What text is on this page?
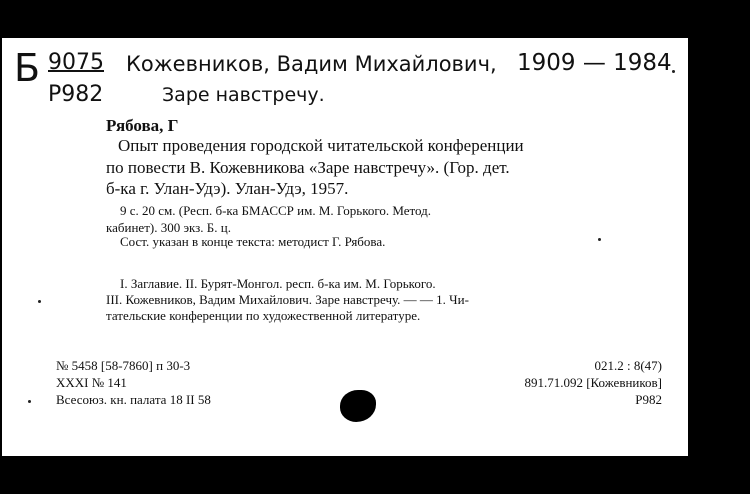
Б 9075 Кожевников, Вадим Михайлович, 1909 — 1984
Р982	Заре навстречу.
Рябова, Г
Опыт проведения городской читательской конференции
по повести В. Кожевникова «Заре навстречу». (Гор. дет.
б-ка г. Улан-Удэ). Улан-Удэ, 1957.
9 с. 20 см. (Респ. б-ка БМАССР им. М. Горького. Метод.
кабинет). 300 экз. Б. ц.
Сост. указан в конце текста: методист Г. Рябова.
I. Заглавие. II. Бурят-Монгол. респ. б-ка им. М. Горького.
III. Кожевников, Вадим Михайлович. Заре навстречу. — — 1. Чи-
тательские конференции по художественной литературе.
№ 5458 [58-7860] п 30-3
XXXI № 141
Всесоюз. кн. палата 18 II 58
021.2 : 8(47)
891.71.092 [Кожевников]
Р982
